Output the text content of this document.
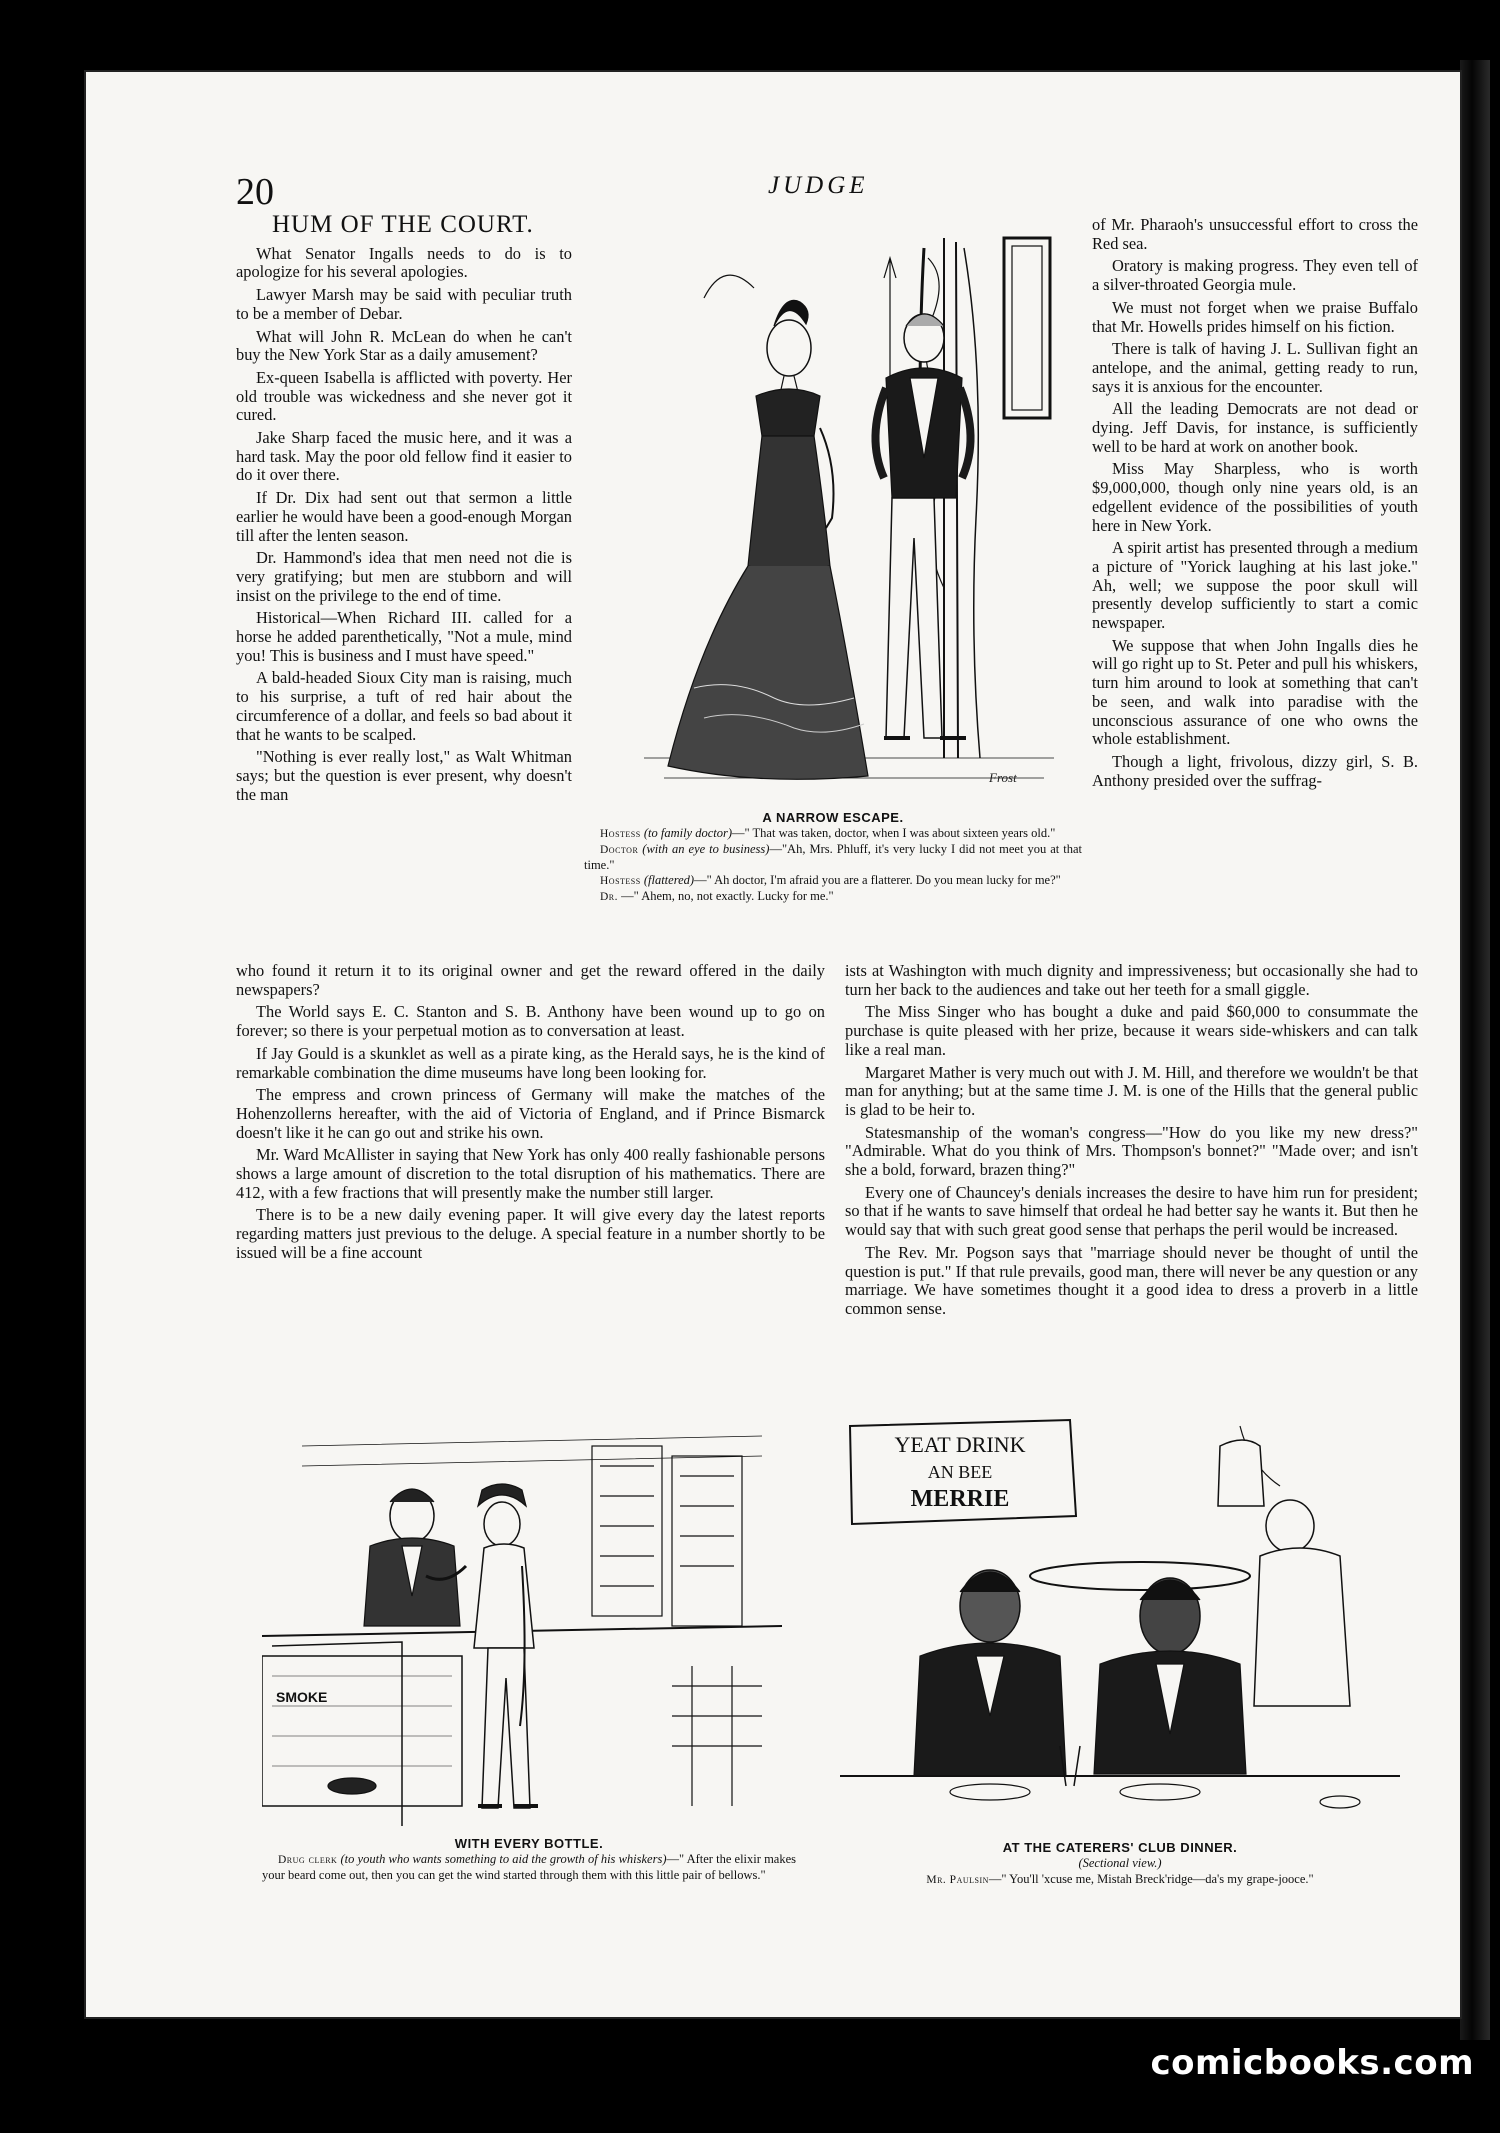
20	JUDGE
HUM OF THE COURT.

What Senator Ingalls needs to do is to apologize for his several apologies.

Lawyer Marsh may be said with peculiar truth to be a member of Debar.

What will John R. McLean do when he can't buy the New York Star as a daily amusement?

Ex-queen Isabella is afflicted with poverty. Her old trouble was wickedness and she never got it cured.

Jake Sharp faced the music here, and it was a hard task. May the poor old fellow find it easier to do it over there.

If Dr. Dix had sent out that sermon a little earlier he would have been a good-enough Morgan till after the lenten season.

Dr. Hammond's idea that men need not die is very gratifying; but men are stubborn and will insist on the privilege to the end of time.

Historical—When Richard III. called for a horse he added parenthetically, "Not a mule, mind you! This is business and I must have speed."

A bald-headed Sioux City man is raising, much to his surprise, a tuft of red hair about the circumference of a dollar, and feels so bad about it that he wants to be scalped.

"Nothing is ever really lost," as Walt Whitman says; but the question is ever present, why doesn't the man

of Mr. Pharaoh's unsuccessful effort to cross the Red sea.

Oratory is making progress. They even tell of a silver-throated Georgia mule.

We must not forget when we praise Buffalo that Mr. Howells prides himself on his fiction.

There is talk of having J. L. Sullivan fight an antelope, and the animal, getting ready to run, says it is anxious for the encounter.

All the leading Democrats are not dead or dying. Jeff Davis, for instance, is sufficiently well to be hard at work on another book.

Miss May Sharpless, who is worth $9,000,000, though only nine years old, is an edgellent evidence of the possibilities of youth here in New York.

A spirit artist has presented through a medium a picture of "Yorick laughing at his last joke." Ah, well; we suppose the poor skull will presently develop sufficiently to start a comic newspaper.

We suppose that when John Ingalls dies he will go right up to St. Peter and pull his whiskers, turn him around to look at something that can't be seen, and walk into paradise with the unconscious assurance of one who owns the whole establishment.

Though a light, frivolous, dizzy girl, S. B. Anthony presided over the suffrag-

who found it return it to its original owner and get the reward offered in the daily newspapers?

The World says E. C. Stanton and S. B. Anthony have been wound up to go on forever; so there is your perpetual motion as to conversation at least.

If Jay Gould is a skunklet as well as a pirate king, as the Herald says, he is the kind of remarkable combination the dime museums have long been looking for.

The empress and crown princess of Germany will make the matches of the Hohenzollerns hereafter, with the aid of Victoria of England, and if Prince Bismarck doesn't like it he can go out and strike his own.

Mr. Ward McAllister in saying that New York has only 400 really fashionable persons shows a large amount of discretion to the total disruption of his mathematics. There are 412, with a few fractions that will presently make the number still larger.

There is to be a new daily evening paper. It will give every day the latest reports regarding matters just previous to the deluge. A special feature in a number shortly to be issued will be a fine account

ists at Washington with much dignity and impressiveness; but occasionally she had to turn her back to the audiences and take out her teeth for a small giggle.

The Miss Singer who has bought a duke and paid $60,000 to consummate the purchase is quite pleased with her prize, because it wears side-whiskers and can talk like a real man.

Margaret Mather is very much out with J. M. Hill, and therefore we wouldn't be that man for anything; but at the same time J. M. is one of the Hills that the general public is glad to be heir to.

Statesmanship of the woman's congress—"How do you like my new dress?" "Admirable. What do you think of Mrs. Thompson's bonnet?" "Made over; and isn't she a bold, forward, brazen thing?"

Every one of Chauncey's denials increases the desire to have him run for president; so that if he wants to save himself that ordeal he had better say he wants it. But then he would say that with such great good sense that perhaps the peril would be increased.

The Rev. Mr. Pogson says that "marriage should never be thought of until the question is put." If that rule prevails, good man, there will never be any question or any marriage. We have sometimes thought it a good idea to dress a proverb in a little common sense.

Frost
A NARROW ESCAPE.
Hostess (to family doctor)—" That was taken, doctor, when I was about sixteen years old."
Doctor (with an eye to business)—"Ah, Mrs. Phluff, it's very lucky I did not meet you at that time."
Hostess (flattered)—" Ah doctor, I'm afraid you are a flatterer. Do you mean lucky for me?"
Dr. —" Ahem, no, not exactly. Lucky for me."
SMOKE
WITH EVERY BOTTLE.
Drug clerk (to youth who wants something to aid the growth of his whiskers)—" After the elixir makes your beard come out, then you can get the wind started through them with this little pair of bellows."
YEAT DRINK
AN BEE
MERRIE
AT THE CATERERS' CLUB DINNER.
(Sectional view.)
Mr. Paulsin—" You'll 'xcuse me, Mistah Breck'ridge—da's my grape-jooce."
comicbooks.com
